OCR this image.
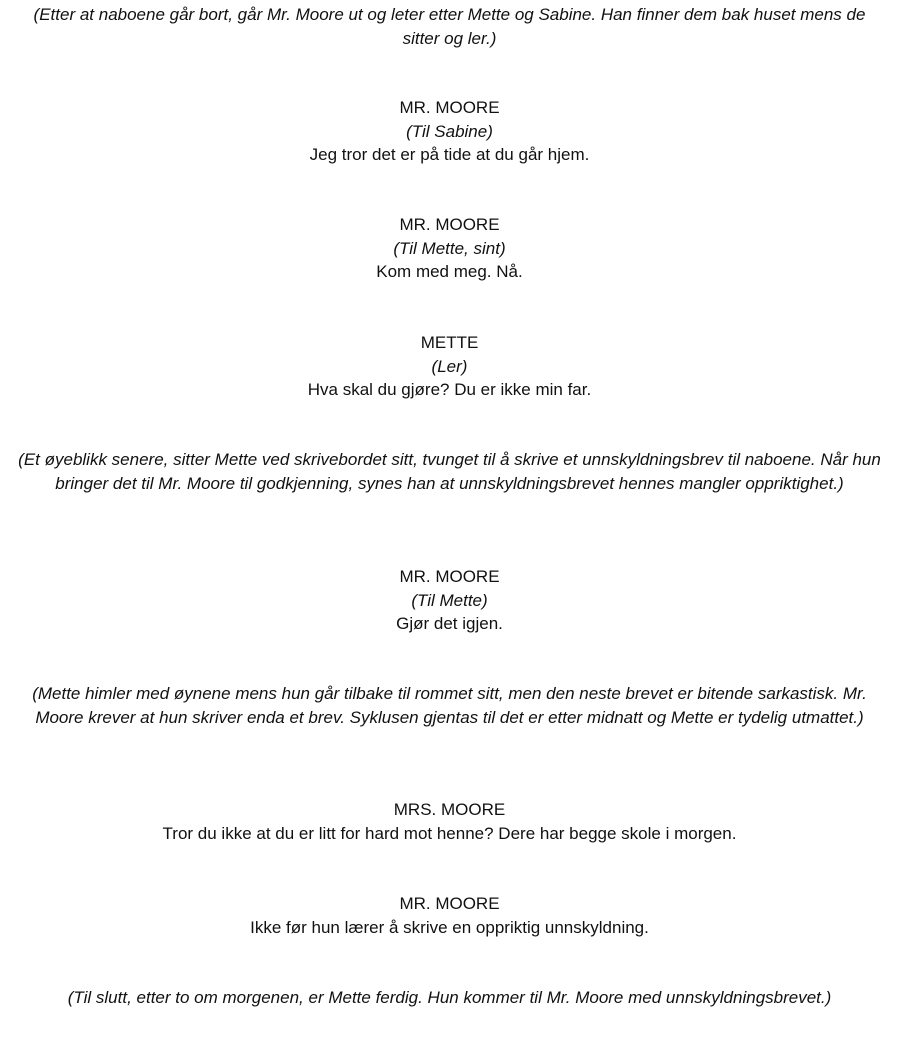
(Etter at naboene går bort, går Mr. Moore ut og leter etter Mette og Sabine. Han finner dem bak huset mens de sitter og ler.)
MR. MOORE
(Til Sabine)
Jeg tror det er på tide at du går hjem.
MR. MOORE
(Til Mette, sint)
Kom med meg. Nå.
METTE
(Ler)
Hva skal du gjøre? Du er ikke min far.
(Et øyeblikk senere, sitter Mette ved skrivebordet sitt, tvunget til å skrive et unnskyldningsbrev til naboene. Når hun bringer det til Mr. Moore til godkjenning, synes han at unnskyldningsbrevet hennes mangler oppriktighet.)
MR. MOORE
(Til Mette)
Gjør det igjen.
(Mette himler med øynene mens hun går tilbake til rommet sitt, men den neste brevet er bitende sarkastisk. Mr. Moore krever at hun skriver enda et brev. Syklusen gjentas til det er etter midnatt og Mette er tydelig utmattet.)
MRS. MOORE
Tror du ikke at du er litt for hard mot henne? Dere har begge skole i morgen.
MR. MOORE
Ikke før hun lærer å skrive en oppriktig unnskyldning.
(Til slutt, etter to om morgenen, er Mette ferdig. Hun kommer til Mr. Moore med unnskyldningsbrevet.)
